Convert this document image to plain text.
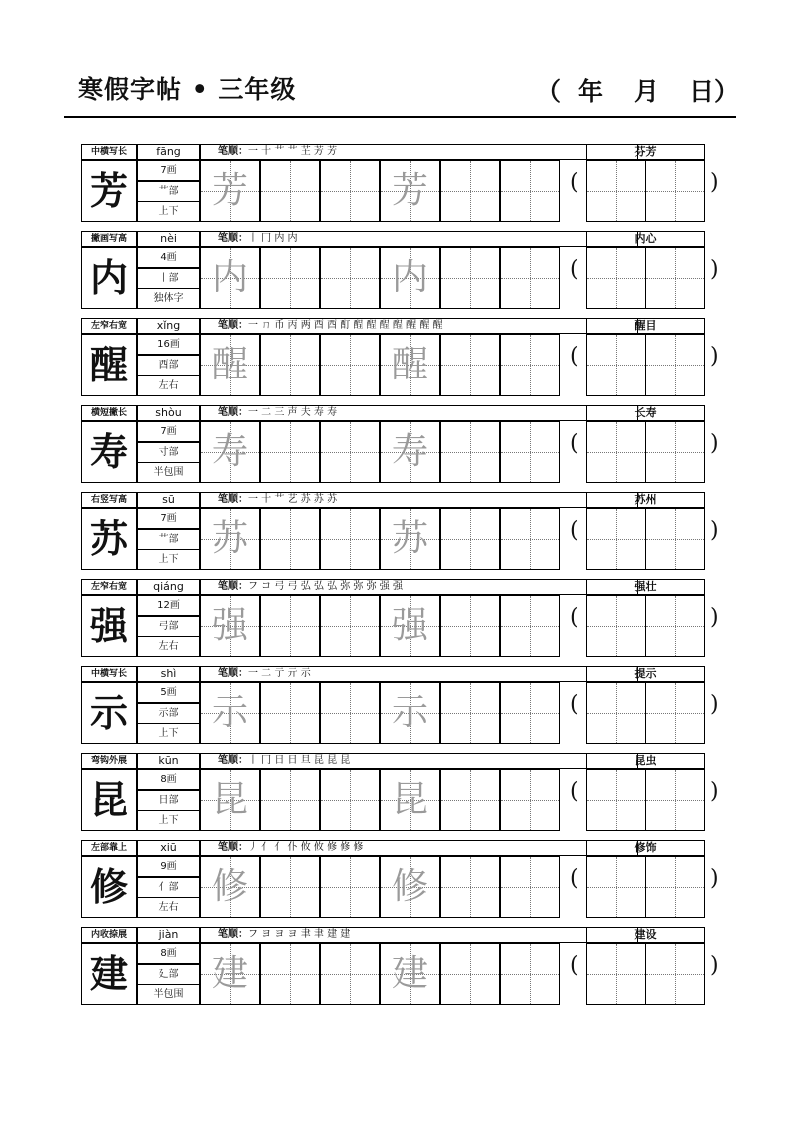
寒假字帖 • 三年级	（ 年 月 日）
中横写长
芳
fāng
7画
艹部
上下
笔顺：一 十 艹 艹 芏 芳 芳
芳	芳	(
芬芳
)
撇画写高
内
nèi
4画
丨部
独体字
笔顺：丨 冂 内 内
内	内	(
内心
)
左窄右宽
醒
xǐng
16画
酉部
左右
笔顺：一 ㄇ 币 丙 两 酉 酉 酊 酲 酲 酲 酲 醒 醒 醒
醒	醒	(
醒目
)
横短撇长
寿
shòu
7画
寸部
半包围
笔顺：一 二 三 声 夫 寿 寿
寿	寿	(
长寿
)
右竖写高
苏
sū
7画
艹部
上下
笔顺：一 十 艹 艺 苏 苏 苏
苏	苏	(
苏州
)
左窄右宽
强
qiáng
12画
弓部
左右
笔顺：フ コ 弓 弓 弘 弘 弘 弥 弥 弥 强 强
强	强	(
强壮
)
中横写长
示
shì
5画
示部
上下
笔顺：一 二 亍 亓 示
示	示	(
提示
)
弯钩外展
昆
kūn
8画
日部
上下
笔顺：丨 冂 日 日 旦 昆 昆 昆
昆	昆	(
昆虫
)
左部靠上
修
xiū
9画
亻部
左右
笔顺：丿 亻 亻 仆 攸 攸 修 修 修
修	修	(
修饰
)
内收捺展
建
jiàn
8画
廴部
半包围
笔顺：フ ヨ ヨ ヨ 聿 聿 建 建
建	建	(
建设
)
